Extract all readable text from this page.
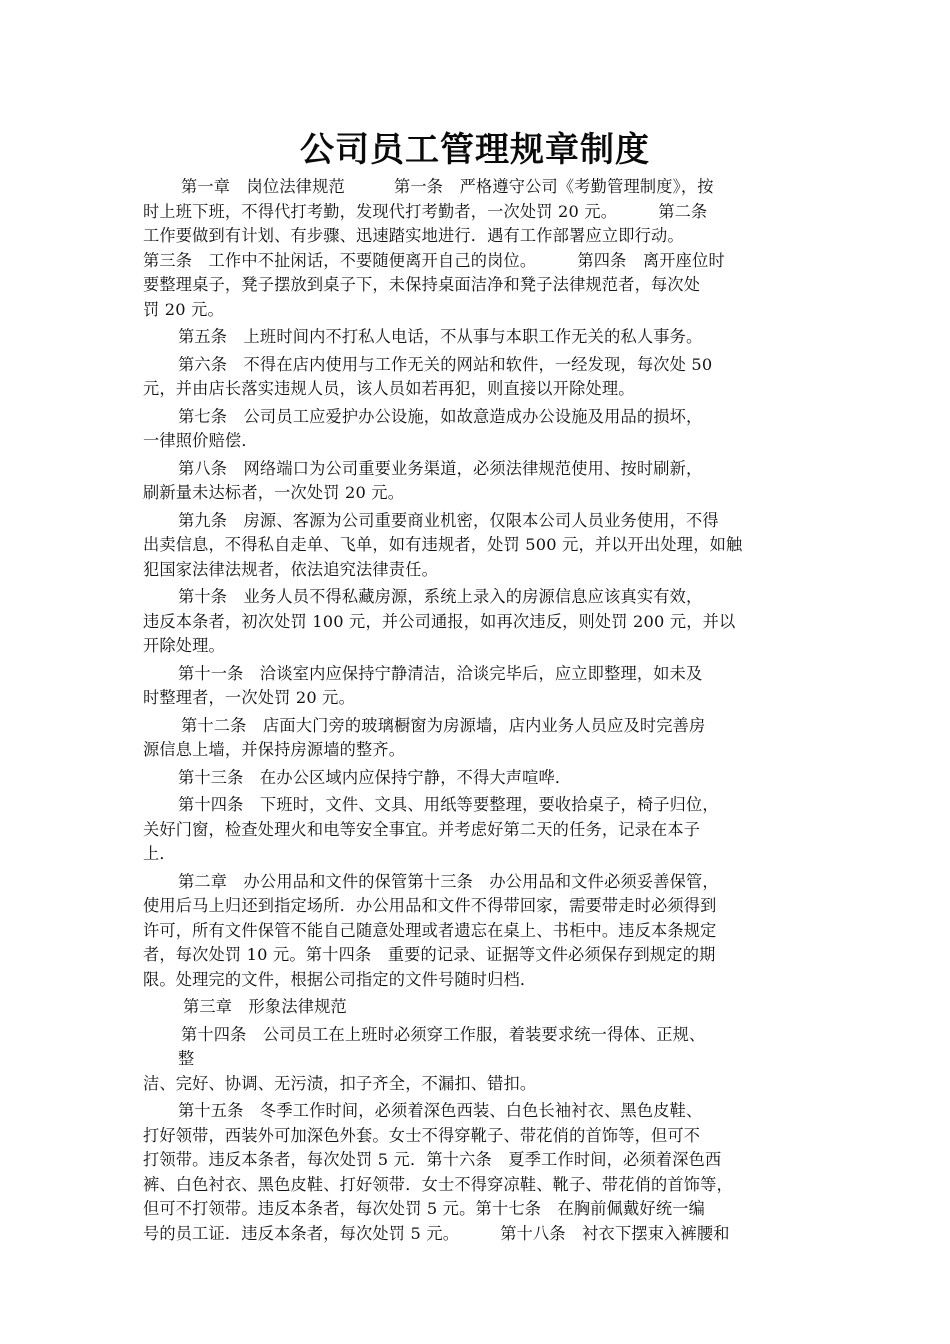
公司员工管理规章制度
第一章　岗位法律规范　　　第一条　严格遵守公司《考勤管理制度》，按
时上班下班，不得代打考勤，发现代打考勤者，一次处罚 20 元。　　　第二条
工作要做到有计划、有步骤、迅速踏实地进行．遇有工作部署应立即行动。
第三条　工作中不扯闲话，不要随便离开自己的岗位。　　　第四条　离开座位时
要整理桌子，凳子摆放到桌子下，未保持桌面洁净和凳子法律规范者，每次处
罚 20 元。
第五条　上班时间内不打私人电话，不从事与本职工作无关的私人事务。
第六条　不得在店内使用与工作无关的网站和软件，一经发现，每次处 50
元，并由店长落实违规人员，该人员如若再犯，则直接以开除处理。
第七条　公司员工应爱护办公设施，如故意造成办公设施及用品的损坏，
一律照价赔偿．
第八条　网络端口为公司重要业务渠道，必须法律规范使用、按时刷新，
刷新量未达标者，一次处罚 20 元。
第九条　房源、客源为公司重要商业机密，仅限本公司人员业务使用，不得
出卖信息，不得私自走单、飞单，如有违规者，处罚 500 元，并以开出处理，如触
犯国家法律法规者，依法追究法律责任。
第十条　业务人员不得私藏房源，系统上录入的房源信息应该真实有效，
违反本条者，初次处罚 100 元，并公司通报，如再次违反，则处罚 200 元，并以
开除处理。
第十一条　洽谈室内应保持宁静清洁，洽谈完毕后，应立即整理，如未及
时整理者，一次处罚 20 元。
第十二条　店面大门旁的玻璃橱窗为房源墙，店内业务人员应及时完善房
源信息上墙，并保持房源墙的整齐。
第十三条　在办公区域内应保持宁静，不得大声喧哗．
第十四条　下班时，文件、文具、用纸等要整理，要收拾桌子，椅子归位，
关好门窗，检查处理火和电等安全事宜。并考虑好第二天的任务，记录在本子
上．
第二章　办公用品和文件的保管第十三条　办公用品和文件必须妥善保管，
使用后马上归还到指定场所．办公用品和文件不得带回家，需要带走时必须得到
许可，所有文件保管不能自己随意处理或者遗忘在桌上、书柜中。违反本条规定
者，每次处罚 10 元。第十四条　重要的记录、证据等文件必须保存到规定的期
限。处理完的文件，根据公司指定的文件号随时归档．
第三章　形象法律规范
第十四条　公司员工在上班时必须穿工作服，着装要求统一得体、正规、
整
洁、完好、协调、无污渍，扣子齐全，不漏扣、错扣。
第十五条　冬季工作时间，必须着深色西装、白色长袖衬衣、黑色皮鞋、
打好领带，西装外可加深色外套。女士不得穿靴子、带花俏的首饰等，但可不
打领带。违反本条者，每次处罚 5 元．第十六条　夏季工作时间，必须着深色西
裤、白色衬衣、黑色皮鞋、打好领带．女士不得穿凉鞋、靴子、带花俏的首饰等，
但可不打领带。违反本条者，每次处罚 5 元。第十七条　在胸前佩戴好统一编
号的员工证．违反本条者，每次处罚 5 元。　　　第十八条　衬衣下摆束入裤腰和
